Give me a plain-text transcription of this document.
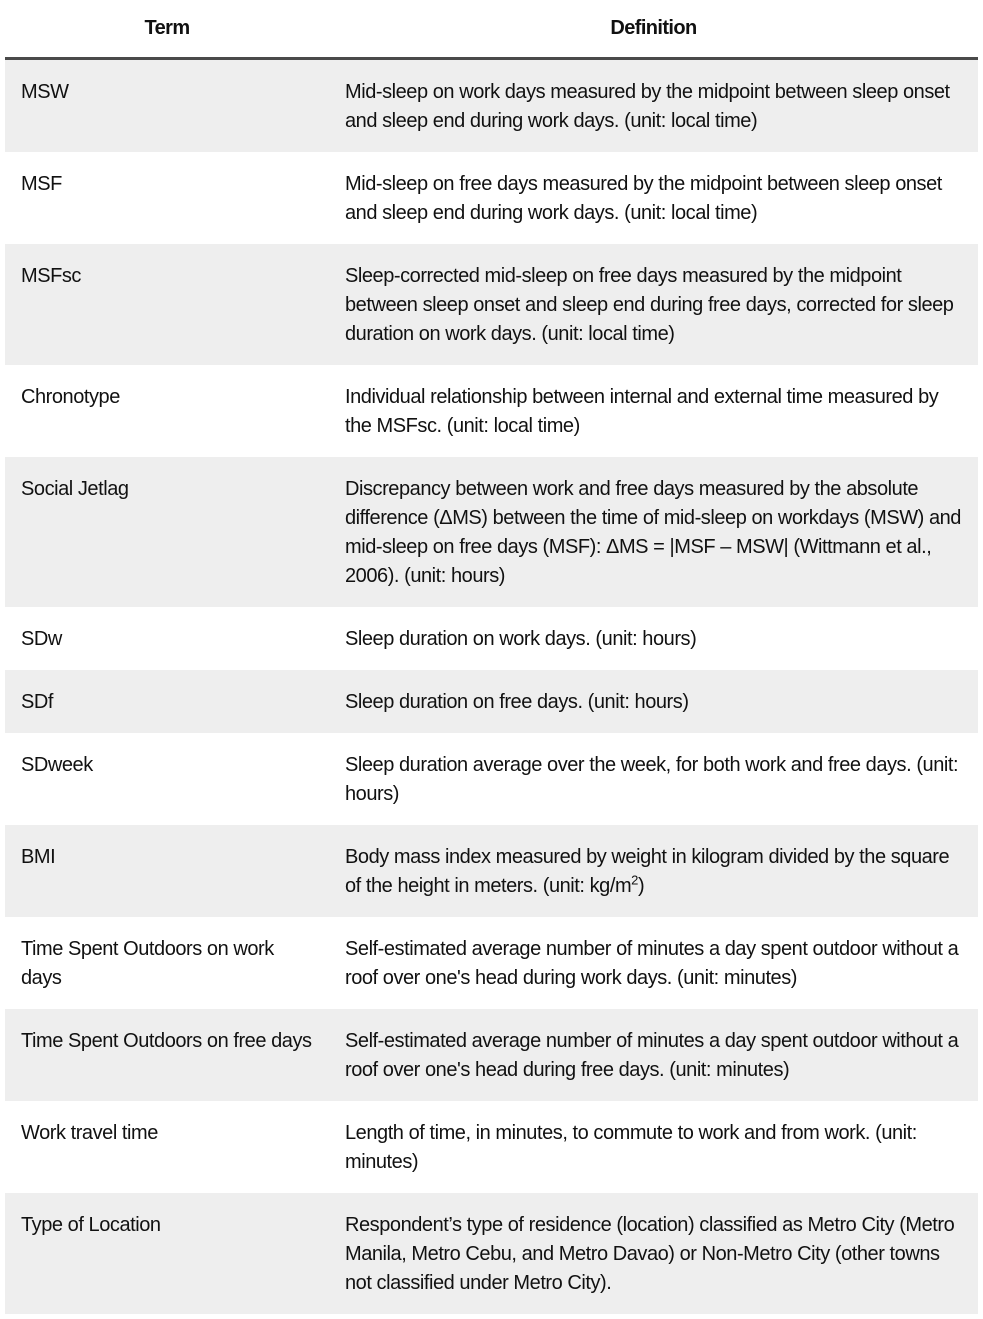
Term	Definition
MSW	Mid-sleep on work days measured by the midpoint between sleep onset and sleep end during work days. (unit: local time)
MSF	Mid-sleep on free days measured by the midpoint between sleep onset and sleep end during work days. (unit: local time)
MSFsc	Sleep-corrected mid-sleep on free days measured by the midpoint between sleep onset and sleep end during free days, corrected for sleep duration on work days. (unit: local time)
Chronotype	Individual relationship between internal and external time measured by the MSFsc. (unit: local time)
Social Jetlag	Discrepancy between work and free days measured by the absolute difference (ΔMS) between the time of mid-sleep on workdays (MSW) and mid-sleep on free days (MSF): ΔMS = |MSF – MSW| (Wittmann et al., 2006). (unit: hours)
SDw	Sleep duration on work days. (unit: hours)
SDf	Sleep duration on free days. (unit: hours)
SDweek	Sleep duration average over the week, for both work and free days. (unit: hours)
BMI	Body mass index measured by weight in kilogram divided by the square of the height in meters. (unit: $kg/m^2$)
Time Spent Outdoors on work days	Self-estimated average number of minutes a day spent outdoor without a roof over one's head during work days. (unit: minutes)
Time Spent Outdoors on free days	Self-estimated average number of minutes a day spent outdoor without a roof over one's head during free days. (unit: minutes)
Work travel time	Length of time, in minutes, to commute to work and from work. (unit: minutes)
Type of Location	Respondent’s type of residence (location) classified as Metro City (Metro Manila, Metro Cebu, and Metro Davao) or Non-Metro City (other towns not classified under Metro City).
